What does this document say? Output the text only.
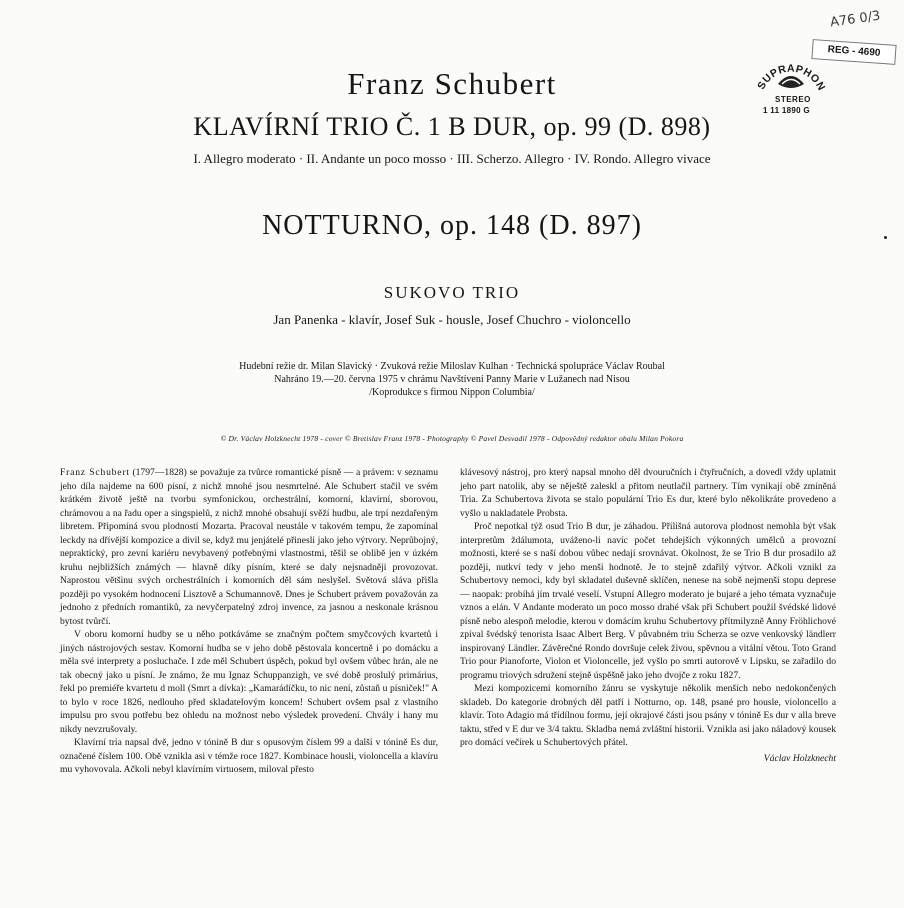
Franz Schubert
KLAVÍRNÍ TRIO Č. 1 B DUR, op. 99 (D. 898)
I. Allegro moderato · II. Andante un poco mosso · III. Scherzo. Allegro · IV. Rondo. Allegro vivace
NOTTURNO, op. 148 (D. 897)
SUKOVO TRIO
Jan Panenka - klavír, Josef Suk - housle, Josef Chuchro - violoncello
Hudební režie dr. Milan Slavický · Zvuková režie Miloslav Kulhan · Technická spolupráce Václav Roubal
Nahráno 19.—20. června 1975 v chrámu Navštívení Panny Marie v Lužanech nad Nisou
/Koprodukce s firmou Nippon Columbia/
© Dr. Václav Holzknecht 1978 - cover © Bretislav Franz 1978 - Photography © Pavel Desvadil 1978 - Odpovědný redaktor obalu Milan Pokora
A76 0/3
REG - 4690
SUPRAPHO
STEREO
1 11 1890 G

Franz Schubert (1797—1828) se považuje za tvůrce romantické písně — a právem: v seznamu jeho díla najdeme na 600 písní, z nichž mnohé jsou nesmrtelné. Ale Schubert stačil ve svém krátkém životě ještě na tvorbu symfonickou, orchestrální, komorní, klavírní, sborovou, chrámovou a na řadu oper a singspielů, z nichž mnohé obsahují svěží hudbu, ale trpí nezdařeným libretem. Připomíná svou plodností Mozarta. Pracoval neustále v takovém tempu, že zapomínal leckdy na dřívější kompozice a divil se, když mu jenjátelé přinesli jako jeho výtvory. Neprůbojný, nepraktický, pro zevní kariéru nevybavený potřebnými vlastnostmi, těšil se oblibě jen v úzkém kruhu nejbližších známých — hlavně díky písním, které se daly nejsnadněji provozovat. Naprostou většinu svých orchestrálních i komorních děl sám neslyšel. Světová sláva přišla později po vysokém hodnocení Lisztově a Schumannově. Dnes je Schubert právem považován za jednoho z předních romantiků, za nevyčerpatelný zdroj invence, za jasnou a neskonale krásnou bytost tvůrčí.

V oboru komorní hudby se u něho potkáváme se značným počtem smyčcových kvartetů i jiných nástrojových sestav. Komorní hudba se v jeho době pěstovala koncertně i po domácku a měla své interprety a posluchače. I zde měl Schubert úspěch, pokud byl ovšem vůbec hrán, ale ne tak obecný jako u písní. Je známo, že mu Ignaz Schuppanzigh, ve své době proslulý primárius, řekl po premiéře kvartetu d moll (Smrt a dívka): „Kamarádíčku, to nic není, zůstaň u písniček!" A to bylo v roce 1826, nedlouho před skladatelovým koncem! Schubert ovšem psal z vlastního impulsu pro svou potřebu bez ohledu na možnost nebo výsledek provedení. Chvály i hany mu nikdy nevzrušovaly.

Klavírní tria napsal dvě, jedno v tónině B dur s opusovým číslem 99 a další v tónině Es dur, označené číslem 100. Obě vznikla asi v témže roce 1827. Kombinace housli, violoncella a klavíru mu vyhovovala. Ačkoli nebyl klavírním virtuosem, miloval přesto

klávesový nástroj, pro který napsal mnoho děl dvouručních i čtyřručních, a dovedl vždy uplatnit jeho part natolik, aby se něještě zaleskl a přitom neutlačil partnery. Tím vynikají obě zmíněná Tria. Za Schubertova života se stalo populární Trio Es dur, které bylo několikráte provedeno a vyšlo u nakladatele Probsta.

Proč nepotkal týž osud Trio B dur, je záhadou. Přílišná autorova plodnost nemohla být však interpretům ždálumota, uváženo-li navíc počet tehdejších výkonných umělců a provozní možnosti, které se s naší dobou vůbec nedají srovnávat. Okolnost, že se Trio B dur prosadilo až později, nutkví tedy v jeho menší hodnotě. Je to stejně zdařilý výtvor. Ačkoli vznikl za Schubertovy nemoci, kdy byl skladatel duševně sklíčen, nenese na sobě nejmenší stopu deprese — naopak: probíhá jím trvalé veselí. Vstupní Allegro moderato je bujaré a jeho témata vyznačuje vznos a elán. V Andante moderato un poco mosso drahé však při Schubert použil švédské lidové písně nebo alespoň melodie, kterou v domácím kruhu Schubertovy přítmilyzně Anny Fröhlichové zpíval švédský tenorista Isaac Albert Berg. V půvabném triu Scherza se ozve venkovský ländlerr inspirovaný Ländler. Závěrečné Rondo dovršuje celek živou, spěvnou a vitální větou. Toto Grand Trio pour Pianoforte, Violon et Violoncelle, jež vyšlo po smrti autorově v Lipsku, se zařadilo do programu triových sdružení stejně úspěšně jako jeho dvojče z roku 1827.

Mezi kompozicemi komorního žánru se vyskytuje několik menších nebo nedokončených skladeb. Do kategorie drobných děl patří i Notturno, op. 148, psané pro housle, violoncello a klavír. Toto Adagio má třídílnou formu, její okrajové části jsou psány v tónině Es dur v alla breve taktu, střed v E dur ve 3/4 taktu. Skladba nemá zvláštní historii. Vznikla asi jako náladový kousek pro domácí večírek u Schubertových přátel.

Václav Holzknecht
